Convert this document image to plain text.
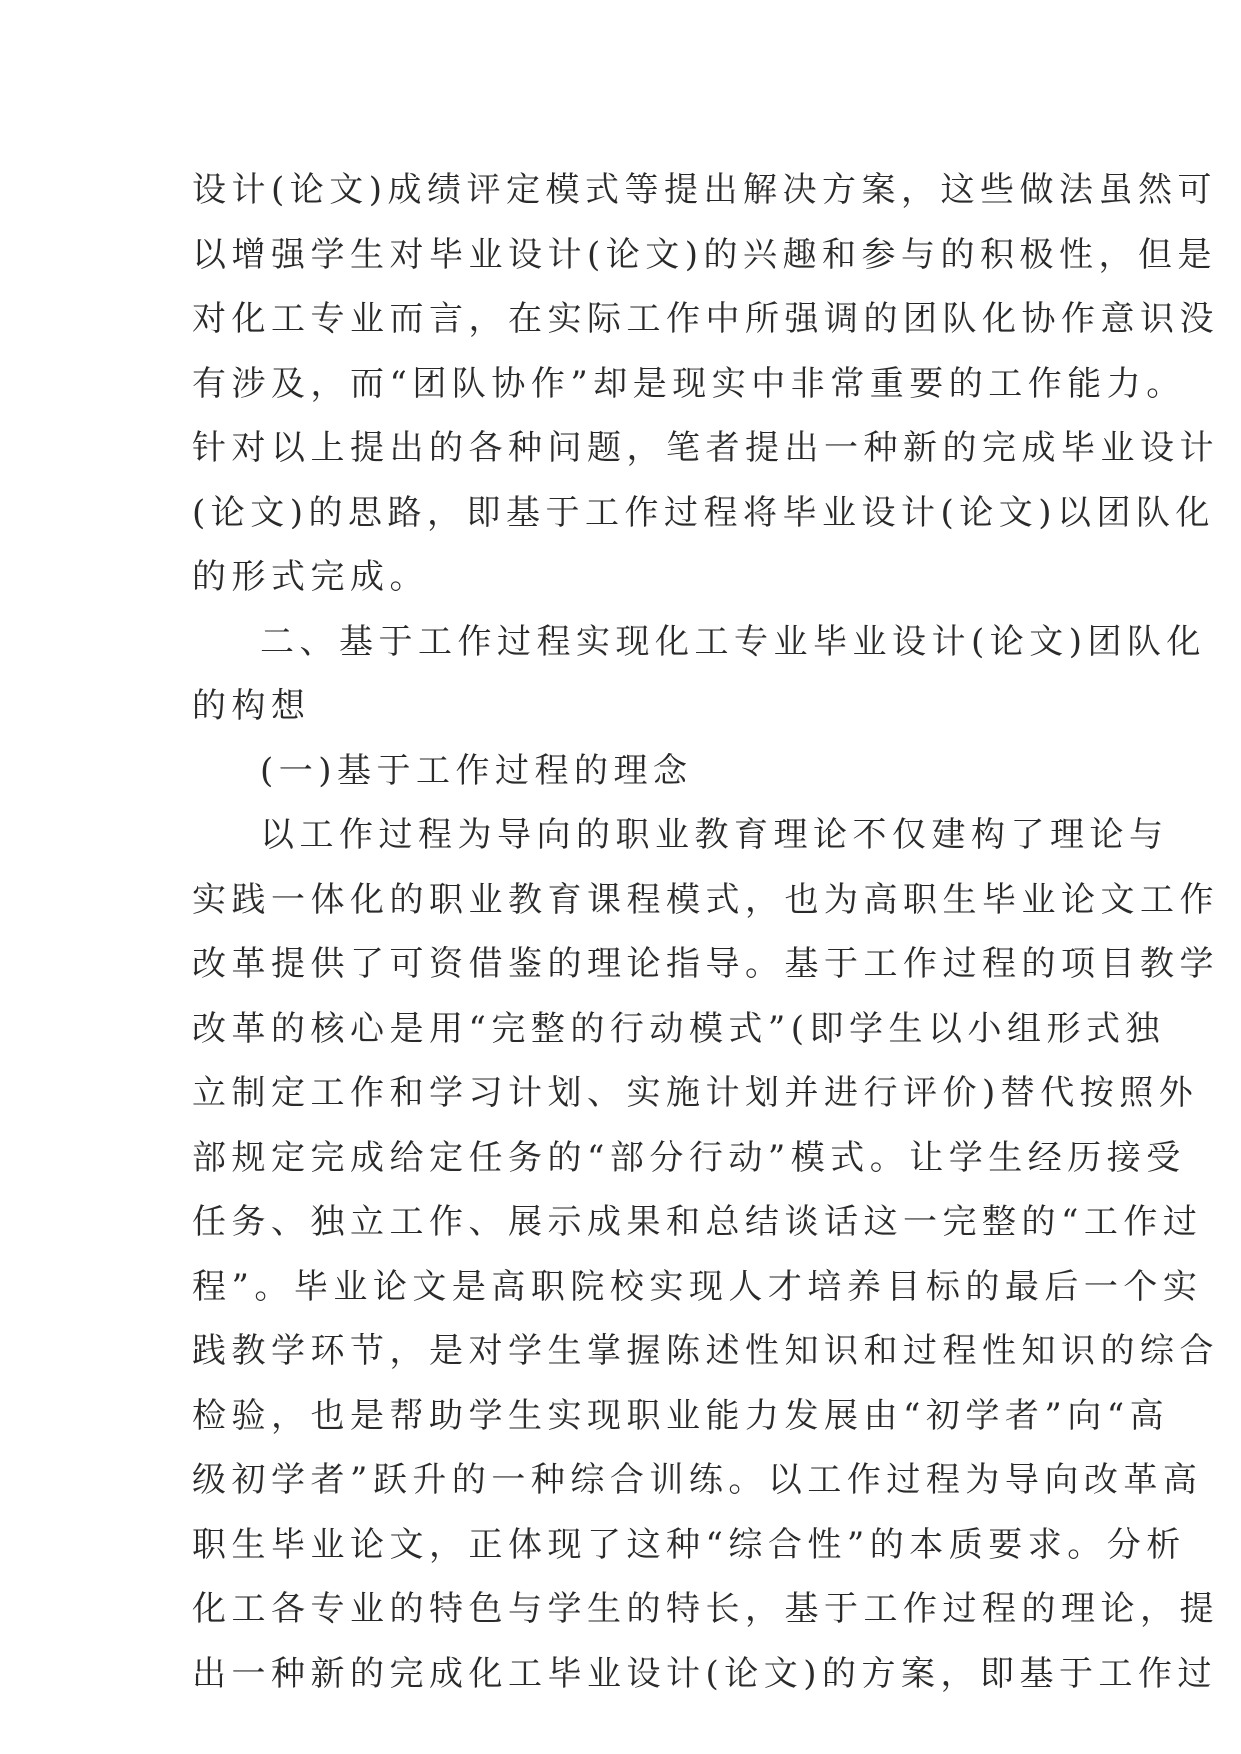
设计(论文)成绩评定模式等提出解决方案，这些做法虽然可
以增强学生对毕业设计(论文)的兴趣和参与的积极性，但是
对化工专业而言，在实际工作中所强调的团队化协作意识没
有涉及，而“团队协作”却是现实中非常重要的工作能力。
针对以上提出的各种问题，笔者提出一种新的完成毕业设计
(论文)的思路，即基于工作过程将毕业设计(论文)以团队化
的形式完成。
二、基于工作过程实现化工专业毕业设计(论文)团队化
的构想
(一)基于工作过程的理念
以工作过程为导向的职业教育理论不仅建构了理论与
实践一体化的职业教育课程模式，也为高职生毕业论文工作
改革提供了可资借鉴的理论指导。基于工作过程的项目教学
改革的核心是用“完整的行动模式”(即学生以小组形式独
立制定工作和学习计划、实施计划并进行评价)替代按照外
部规定完成给定任务的“部分行动”模式。让学生经历接受
任务、独立工作、展示成果和总结谈话这一完整的“工作过
程”。毕业论文是高职院校实现人才培养目标的最后一个实
践教学环节，是对学生掌握陈述性知识和过程性知识的综合
检验，也是帮助学生实现职业能力发展由“初学者”向“高
级初学者”跃升的一种综合训练。以工作过程为导向改革高
职生毕业论文，正体现了这种“综合性”的本质要求。分析
化工各专业的特色与学生的特长，基于工作过程的理论，提
出一种新的完成化工毕业设计(论文)的方案，即基于工作过
